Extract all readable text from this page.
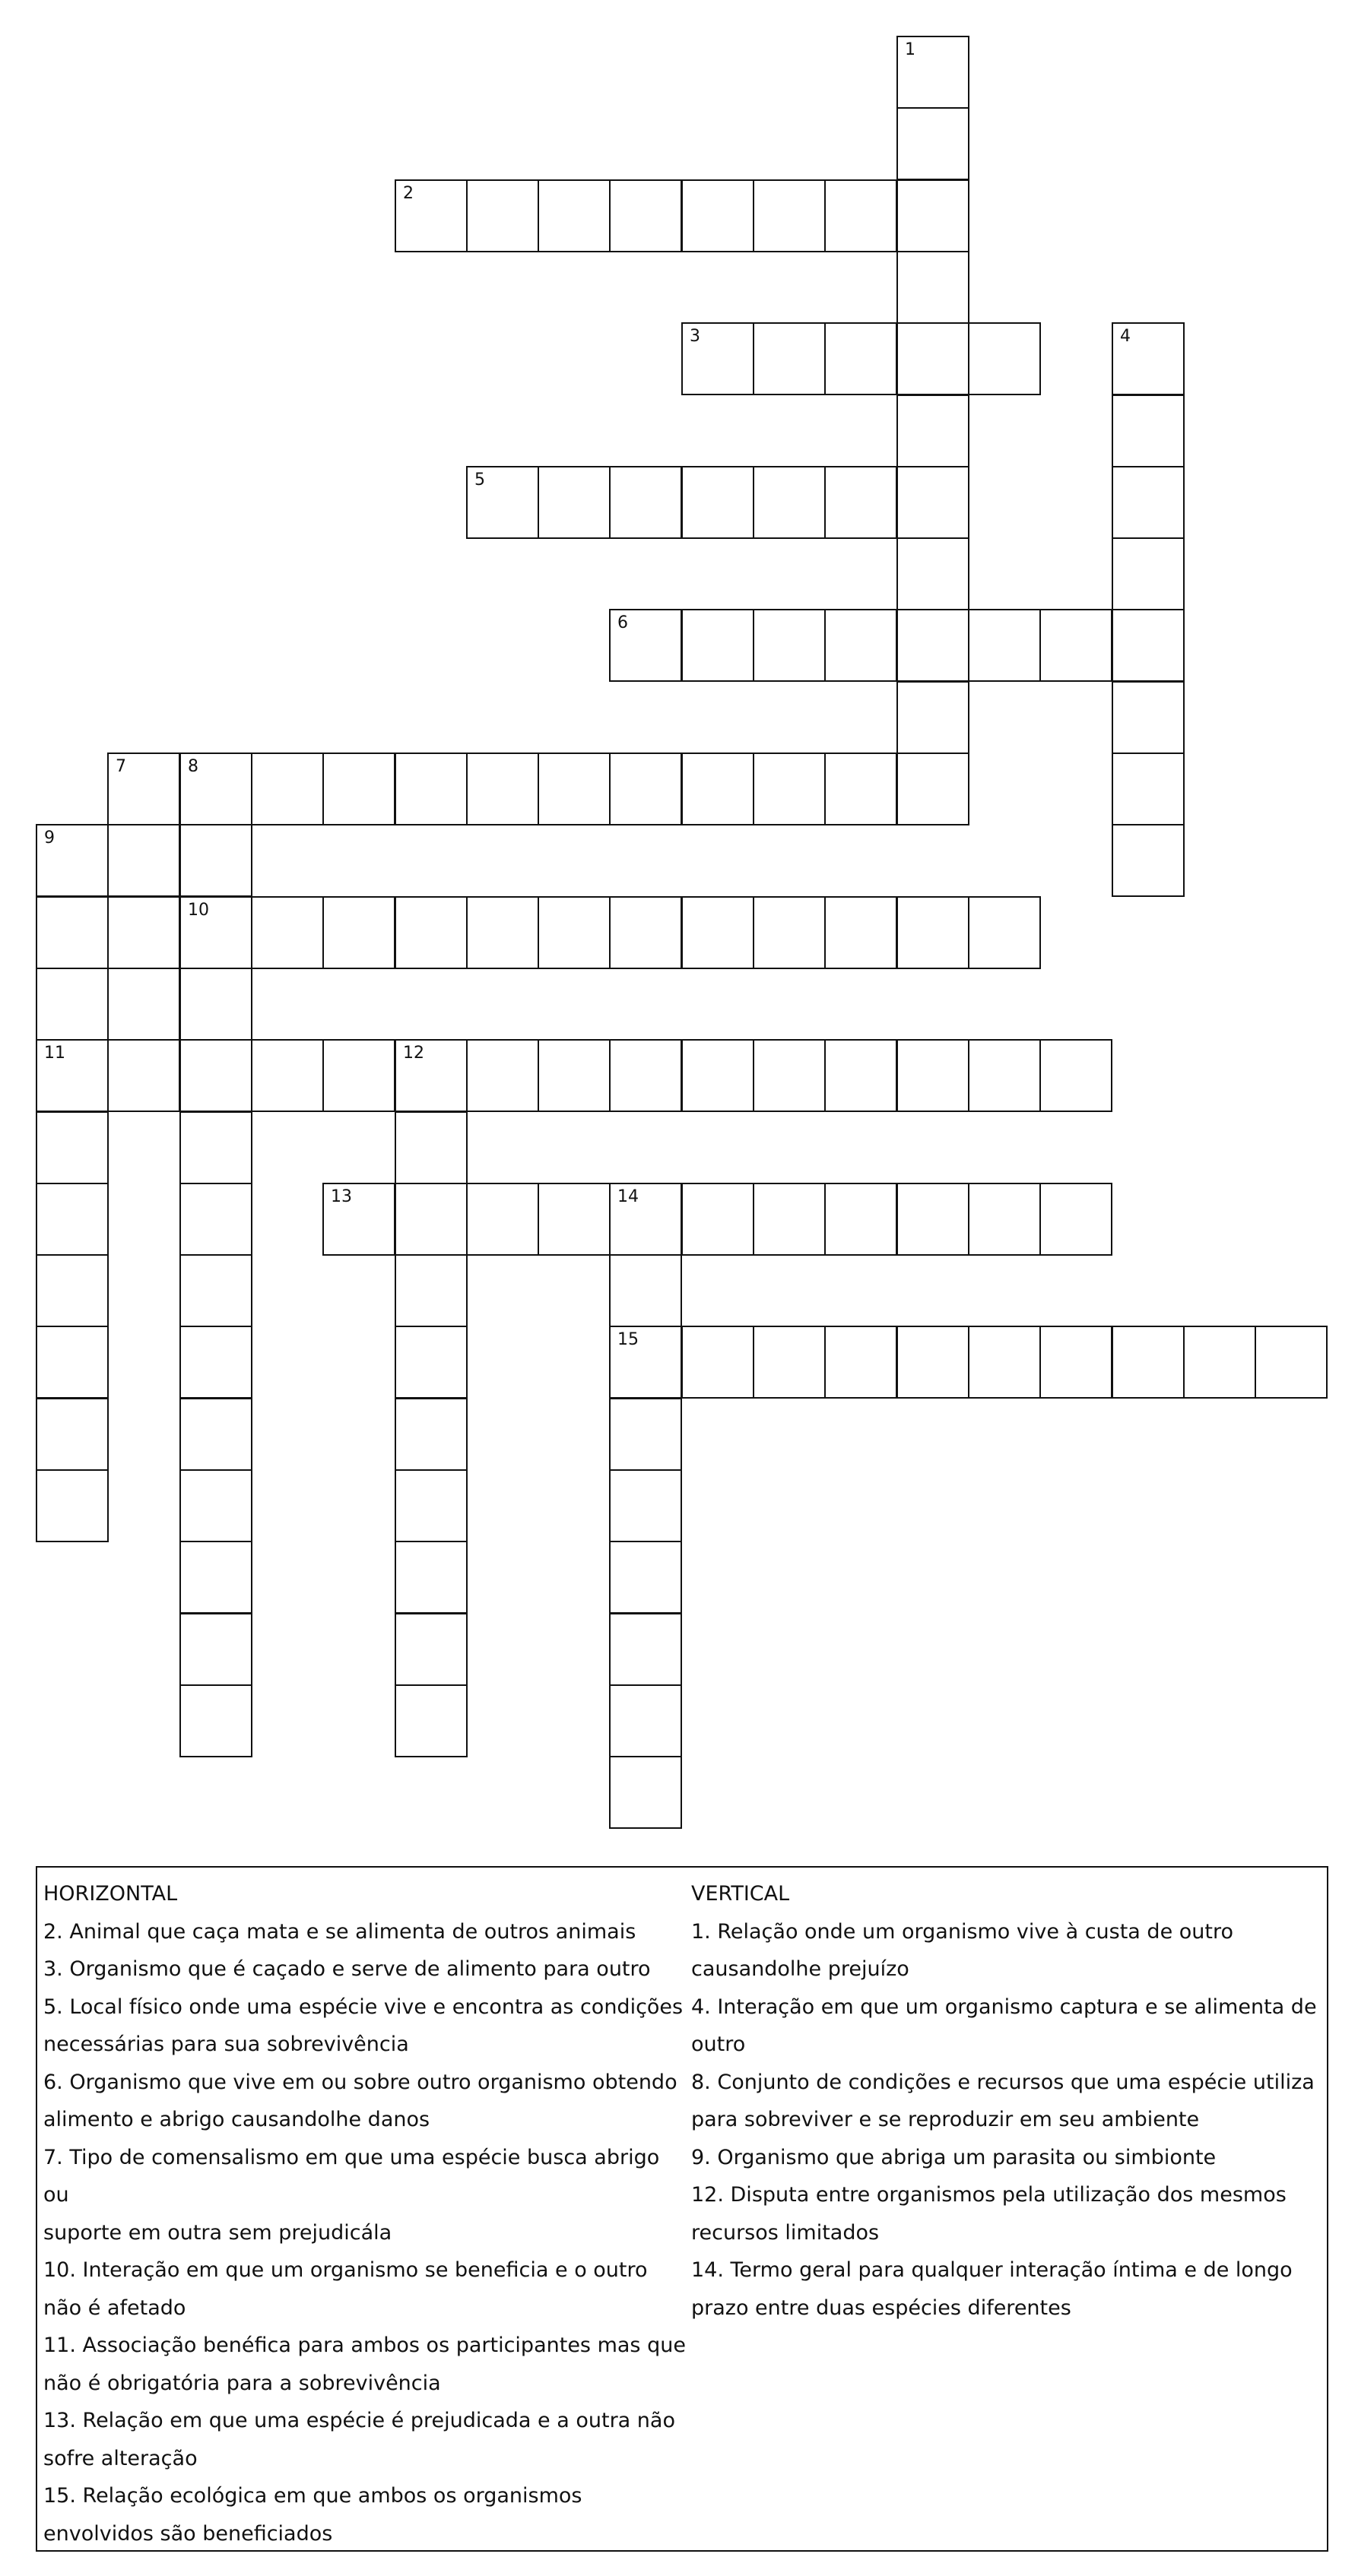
1
2
3	4
5
6
7	8
9
10
11	12
13	14
15

HORIZONTAL

2. Animal que caça mata e se alimenta de outros animais

3. Organismo que é caçado e serve de alimento para outro

5. Local físico onde uma espécie vive e encontra as condições
necessárias para sua sobrevivência

6. Organismo que vive em ou sobre outro organismo obtendo
alimento e abrigo causandolhe danos

7. Tipo de comensalismo em que uma espécie busca abrigo ou
suporte em outra sem prejudicála

10. Interação em que um organismo se beneficia e o outro
não é afetado

11. Associação benéfica para ambos os participantes mas que
não é obrigatória para a sobrevivência

13. Relação em que uma espécie é prejudicada e a outra não
sofre alteração

15. Relação ecológica em que ambos os organismos
envolvidos são beneficiados

VERTICAL

1. Relação onde um organismo vive à custa de outro
causandolhe prejuízo

4. Interação em que um organismo captura e se alimenta de
outro

8. Conjunto de condições e recursos que uma espécie utiliza
para sobreviver e se reproduzir em seu ambiente

9. Organismo que abriga um parasita ou simbionte

12. Disputa entre organismos pela utilização dos mesmos
recursos limitados

14. Termo geral para qualquer interação íntima e de longo
prazo entre duas espécies diferentes
